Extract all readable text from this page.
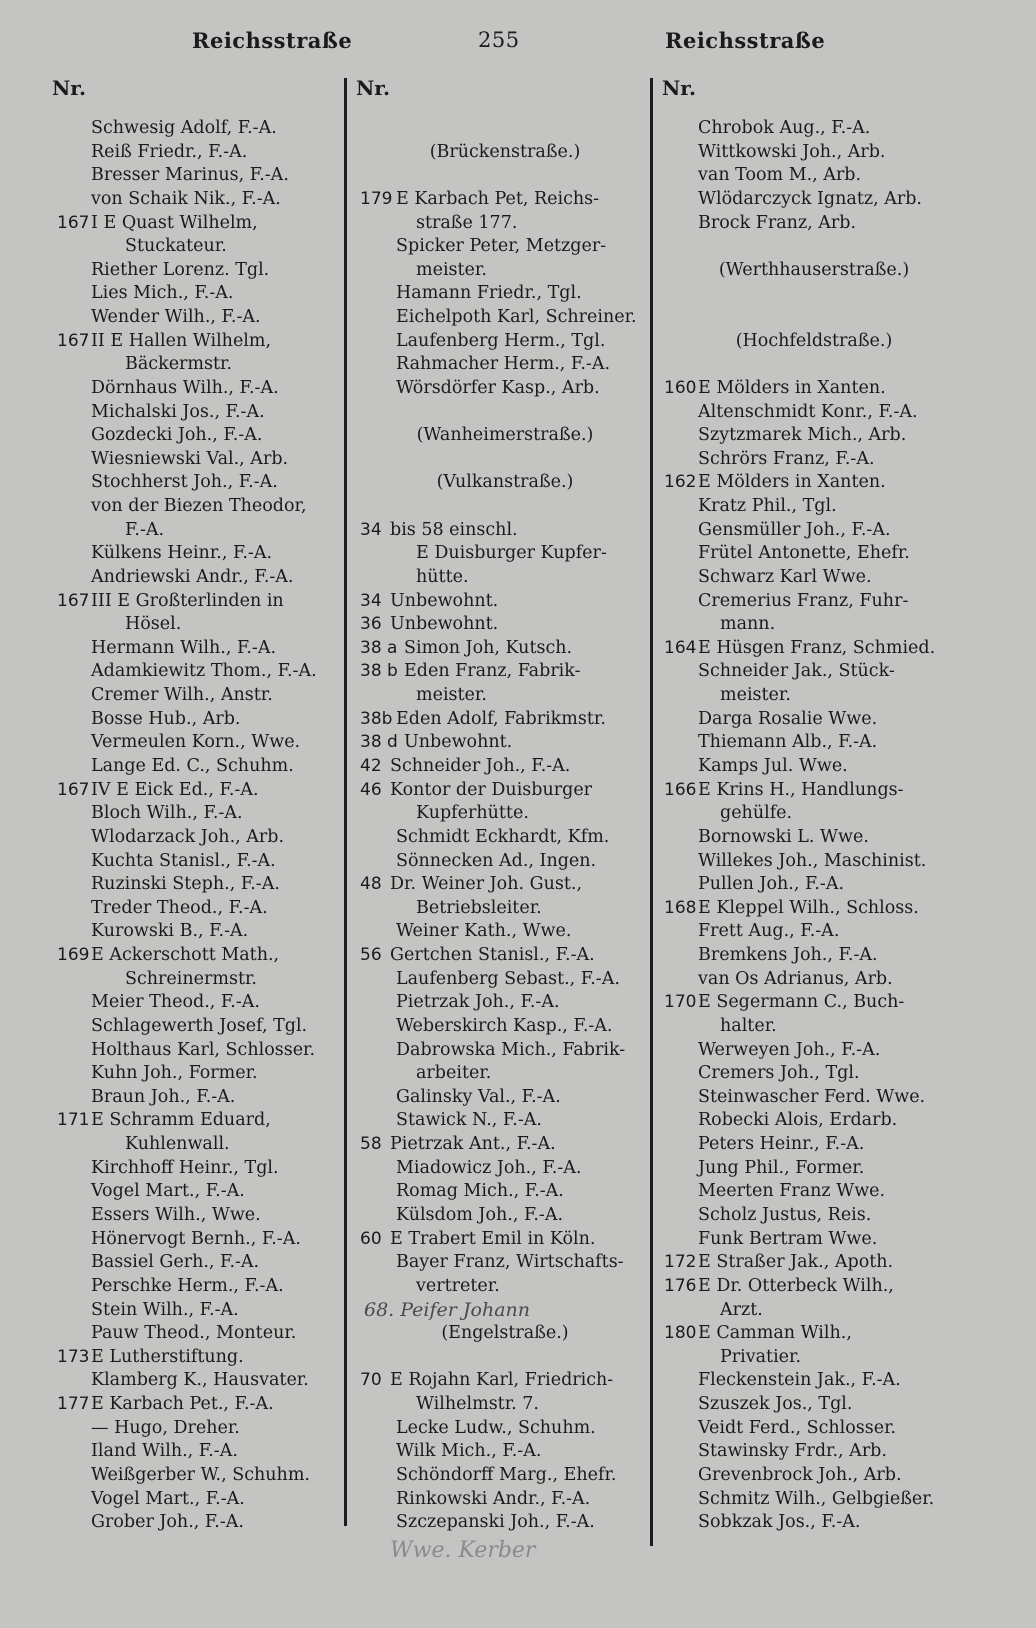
Reichsstraße	255	Reichsstraße
Nr.	Nr.	Nr.
Schwesig Adolf, F.-A.
Reiß Friedr., F.-A.
Bresser Marinus, F.-A.
von Schaik Nik., F.-A.
167 I E Quast Wilhelm,
Stuckateur.
Riether Lorenz. Tgl.
Lies Mich., F.-A.
Wender Wilh., F.-A.
167 II E Hallen Wilhelm,
Bäckermstr.
Dörnhaus Wilh., F.-A.
Michalski Jos., F.-A.
Gozdecki Joh., F.-A.
Wiesniewski Val., Arb.
Stochherst Joh., F.-A.
von der Biezen Theodor,
F.-A.
Külkens Heinr., F.-A.
Andriewski Andr., F.-A.
167 III E Großterlinden in
Hösel.
Hermann Wilh., F.-A.
Adamkiewitz Thom., F.-A.
Cremer Wilh., Anstr.
Bosse Hub., Arb.
Vermeulen Korn., Wwe.
Lange Ed. C., Schuhm.
167 IV E Eick Ed., F.-A.
Bloch Wilh., F.-A.
Wlodarzack Joh., Arb.
Kuchta Stanisl., F.-A.
Ruzinski Steph., F.-A.
Treder Theod., F.-A.
Kurowski B., F.-A.
169 E Ackerschott Math.,
Schreinermstr.
Meier Theod., F.-A.
Schlagewerth Josef, Tgl.
Holthaus Karl, Schlosser.
Kuhn Joh., Former.
Braun Joh., F.-A.
171 E Schramm Eduard,
Kuhlenwall.
Kirchhoff Heinr., Tgl.
Vogel Mart., F.-A.
Essers Wilh., Wwe.
Hönervogt Bernh., F.-A.
Bassiel Gerh., F.-A.
Perschke Herm., F.-A.
Stein Wilh., F.-A.
Pauw Theod., Monteur.
173 E Lutherstiftung.
Klamberg K., Hausvater.
177 E Karbach Pet., F.-A.
— Hugo, Dreher.
Iland Wilh., F.-A.
Weißgerber W., Schuhm.
Vogel Mart., F.-A.
Grober Joh., F.-A.
(Brückenstraße.)
179 E Karbach Pet, Reichs-
straße 177.
Spicker Peter, Metzger-
meister.
Hamann Friedr., Tgl.
Eichelpoth Karl, Schreiner.
Laufenberg Herm., Tgl.
Rahmacher Herm., F.-A.
Wörsdörfer Kasp., Arb.
(Wanheimerstraße.)
(Vulkanstraße.)
34 bis 58 einschl.
E Duisburger Kupfer-
hütte.
34 Unbewohnt.
36 Unbewohnt.
38 a Simon Joh, Kutsch.
38 b Eden Franz, Fabrik-
meister.
38b Eden Adolf, Fabrikmstr.
38 d Unbewohnt.
42 Schneider Joh., F.-A.
46 Kontor der Duisburger
Kupferhütte.
Schmidt Eckhardt, Kfm.
Sönnecken Ad., Ingen.
48 Dr. Weiner Joh. Gust.,
Betriebsleiter.
Weiner Kath., Wwe.
56 Gertchen Stanisl., F.-A.
Laufenberg Sebast., F.-A.
Pietrzak Joh., F.-A.
Weberskirch Kasp., F.-A.
Dabrowska Mich., Fabrik-
arbeiter.
Galinsky Val., F.-A.
Stawick N., F.-A.
58 Pietrzak Ant., F.-A.
Miadowicz Joh., F.-A.
Romag Mich., F.-A.
Külsdom Joh., F.-A.
60 E Trabert Emil in Köln.
Bayer Franz, Wirtschafts-
vertreter.
68. Peifer Johann
(Engelstraße.)
70 E Rojahn Karl, Friedrich-
Wilhelmstr. 7.
Lecke Ludw., Schuhm.
Wilk Mich., F.-A.
Schöndorff Marg., Ehefr.
Rinkowski Andr., F.-A.
Szczepanski Joh., F.-A.
Chrobok Aug., F.-A.
Wittkowski Joh., Arb.
van Toom M., Arb.
Wlödarczyck Ignatz, Arb.
Brock Franz, Arb.
(Werthhauserstraße.)
(Hochfeldstraße.)
160 E Mölders in Xanten.
Altenschmidt Konr., F.-A.
Szytzmarek Mich., Arb.
Schrörs Franz, F.-A.
162 E Mölders in Xanten.
Kratz Phil., Tgl.
Gensmüller Joh., F.-A.
Frütel Antonette, Ehefr.
Schwarz Karl Wwe.
Cremerius Franz, Fuhr-
mann.
164 E Hüsgen Franz, Schmied.
Schneider Jak., Stück-
meister.
Darga Rosalie Wwe.
Thiemann Alb., F.-A.
Kamps Jul. Wwe.
166 E Krins H., Handlungs-
gehülfe.
Bornowski L. Wwe.
Willekes Joh., Maschinist.
Pullen Joh., F.-A.
168 E Kleppel Wilh., Schloss.
Frett Aug., F.-A.
Bremkens Joh., F.-A.
van Os Adrianus, Arb.
170 E Segermann C., Buch-
halter.
Werweyen Joh., F.-A.
Cremers Joh., Tgl.
Steinwascher Ferd. Wwe.
Robecki Alois, Erdarb.
Peters Heinr., F.-A.
Jung Phil., Former.
Meerten Franz Wwe.
Scholz Justus, Reis.
Funk Bertram Wwe.
172 E Straßer Jak., Apoth.
176 E Dr. Otterbeck Wilh.,
Arzt.
180 E Camman Wilh.,
Privatier.
Fleckenstein Jak., F.-A.
Szuszek Jos., Tgl.
Veidt Ferd., Schlosser.
Stawinsky Frdr., Arb.
Grevenbrock Joh., Arb.
Schmitz Wilh., Gelbgießer.
Sobkzak Jos., F.-A.
Wwe. Kerber
